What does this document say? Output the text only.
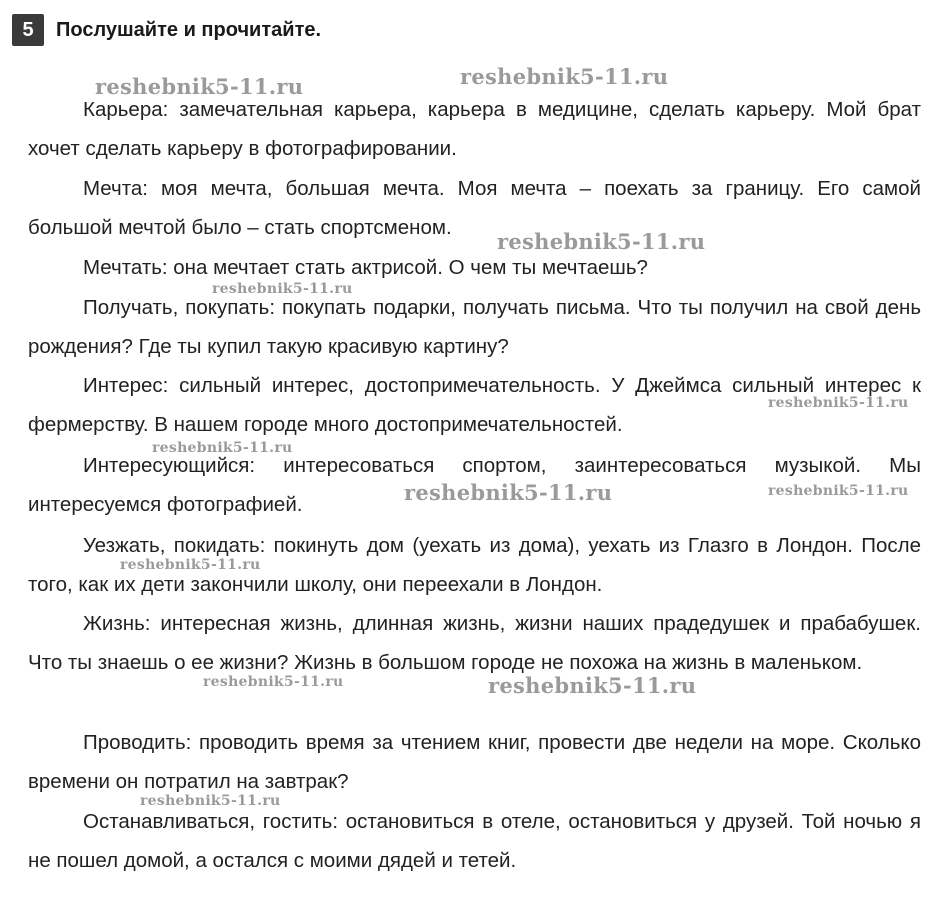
5	Послушайте и прочитайте.

Карьера: замечательная карьера, карьера в медицине, сделать карьеру. Мой брат хочет сделать карьеру в фотографировании.

Мечта: моя мечта, большая мечта. Моя мечта – поехать за границу. Его самой большой мечтой было – стать спортсменом.

Мечтать: она мечтает стать актрисой. О чем ты мечтаешь?

Получать, покупать: покупать подарки, получать письма. Что ты получил на свой день рождения? Где ты купил такую красивую картину?

Интерес: сильный интерес, достопримечательность. У Джеймса сильный интерес к фермерству. В нашем городе много достопримечательностей.

Интересующийся: интересоваться спортом, заинтересоваться музыкой. Мы интересуемся фотографией.

Уезжать, покидать: покинуть дом (уехать из дома), уехать из Глазго в Лондон. После того, как их дети закончили школу, они переехали в Лондон.

Жизнь: интересная жизнь, длинная жизнь, жизни наших прадедушек и прабабушек. Что ты знаешь о ее жизни? Жизнь в большом городе не похожа на жизнь в маленьком.

Проводить: проводить время за чтением книг, провести две недели на море. Сколько времени он потратил на завтрак?

Останавливаться, гостить: остановиться в отеле, остановиться у друзей. Той ночью я не пошел домой, а остался с моими дядей и тетей.

reshebnik5-11.ru	reshebnik5-11.ru
reshebnik5-11.ru
reshebnik5-11.ru
reshebnik5-11.ru
reshebnik5-11.ru
reshebnik5-11.ru	reshebnik5-11.ru
reshebnik5-11.ru
reshebnik5-11.ru	reshebnik5-11.ru
reshebnik5-11.ru
